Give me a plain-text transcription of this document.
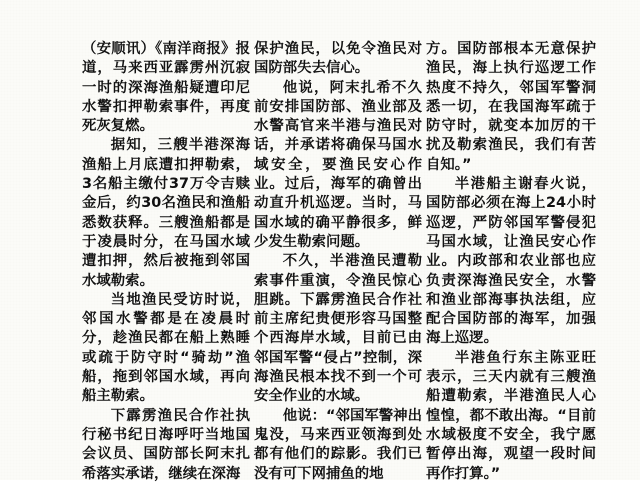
（安顺讯）《南洋商报》报道，马来西亚霹雳州沉寂一时的深海渔船疑遭印尼水警扣押勒索事件，再度死灰复燃。

据知，三艘半港深海渔船上月底遭扣押勒索，3名船主缴付37万令吉赎金后，约30名渔民和渔船悉数获释。三艘渔船都是于凌晨时分，在马国水域遭扣押，然后被拖到邻国水域勒索。

当地渔民受访时说，邻国水警都是在凌晨时分，趁渔民都在船上熟睡或疏于防守时“骑劫”渔船，拖到邻国水域，再向船主勒索。

下霹雳渔民合作社执行秘书纪日海呼吁当地国会议员、国防部长阿末扎希落实承诺，继续在深海

保护渔民，以免令渔民对国防部失去信心。

他说，阿末扎希不久前安排国防部、渔业部及水警高官来半港与渔民对话，并承诺将确保马国水域安全，要渔民安心作业。过后，海军的确曾出动直升机巡逻。当时，马国水域的确平静很多，鲜少发生勒索问题。

不久，半港渔民遭勒索事件重演，令渔民惊心胆跳。下霹雳渔民合作社前主席纪贵便形容马国整个西海岸水域，目前已由邻国军警“侵占”控制，深海渔民根本找不到一个可安全作业的水域。

他说：“邻国军警神出鬼没，马来西亚领海到处都有他们的踪影。我们已没有可下网捕鱼的地

方。国防部根本无意保护渔民，海上执行巡逻工作热度不持久，邻国军警洞悉一切，在我国海军疏于防守时，就变本加厉的干扰及勒索渔民，我们有苦自知。”

半港船主谢春火说，国防部必须在海上24小时巡逻，严防邻国军警侵犯马国水域，让渔民安心作业。内政部和农业部也应负责深海渔民安全，水警和渔业部海事执法组，应配合国防部的海军，加强海上巡逻。

半港鱼行东主陈亚旺表示，三天内就有三艘渔船遭勒索，半港渔民人心惶惶，都不敢出海。“目前水域极度不安全，我宁愿暂停出海，观望一段时间再作打算。”
